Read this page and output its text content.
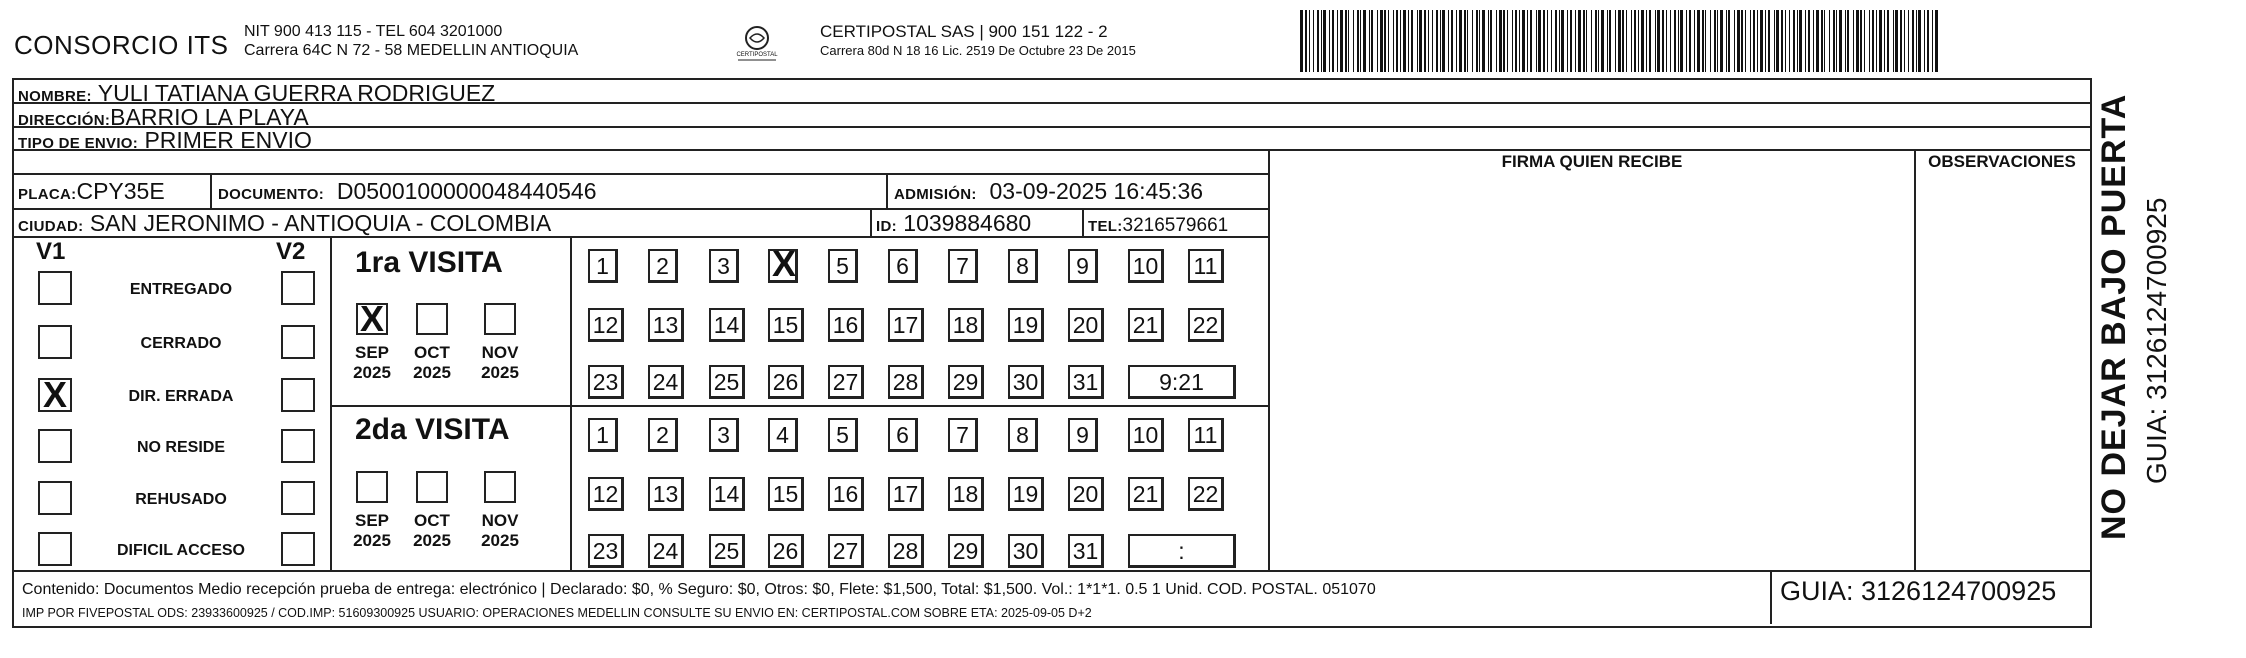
CONSORCIO ITS NIT 900 413 115 - TEL 604 3201000
Carrera 64C N 72 - 58 MEDELLIN ANTIOQUIA	CERTIPOSTAL
CERTIPOSTAL SAS | 900 151 122 - 2
Carrera 80d N 18 16 Lic. 2519 De Octubre 23 De 2015
NOMBRE: YULI TATIANA GUERRA RODRIGUEZ
DIRECCIÓN:BARRIO LA PLAYA
TIPO DE ENVIO: PRIMER ENVIO
FIRMA QUIEN RECIBE	OBSERVACIONES
PLACA:CPY35E	DOCUMENTO: D0500100000048440546	ADMISIÓN: 03-09-2025 16:45:36
CIUDAD: SAN JERONIMO - ANTIOQUIA - COLOMBIA	ID: 1039884680	TEL:3216579661
V1	V2
ENTREGADO
CERRADO
DIR. ERRADA
X
NO RESIDE
REHUSADO
DIFICIL ACCESO
1ra VISITA
2da VISITA
X
SEP
2025
OCT
2025
NOV
2025
SEP
2025
OCT
2025
NOV
2025
1	2	3 X	5	6	7	8	9	10 11
12 13 14 15 16 17 18 19 20 21 22
23 24 25 26 27 28 29 30 31	9:21
1	2	3	4	5	6	7	8	9	10 11
12 13 14 15 16 17 18 19 20 21 22
23 24 25 26 27 28 29 30 31	:
Contenido: Documentos Medio recepción prueba de entrega: electrónico | Declarado: $0, % Seguro: $0, Otros: $0, Flete: $1,500, Total: $1,500. Vol.: 1*1*1. 0.5 1 Unid. COD. POSTAL. 051070
IMP POR FIVEPOSTAL ODS: 23933600925 / COD.IMP: 51609300925 USUARIO: OPERACIONES MEDELLIN CONSULTE SU ENVIO EN: CERTIPOSTAL.COM SOBRE ETA: 2025-09-05 D+2
GUIA: 3126124700925
NO DEJAR BAJO PUERTA GUIA: 3126124700925
